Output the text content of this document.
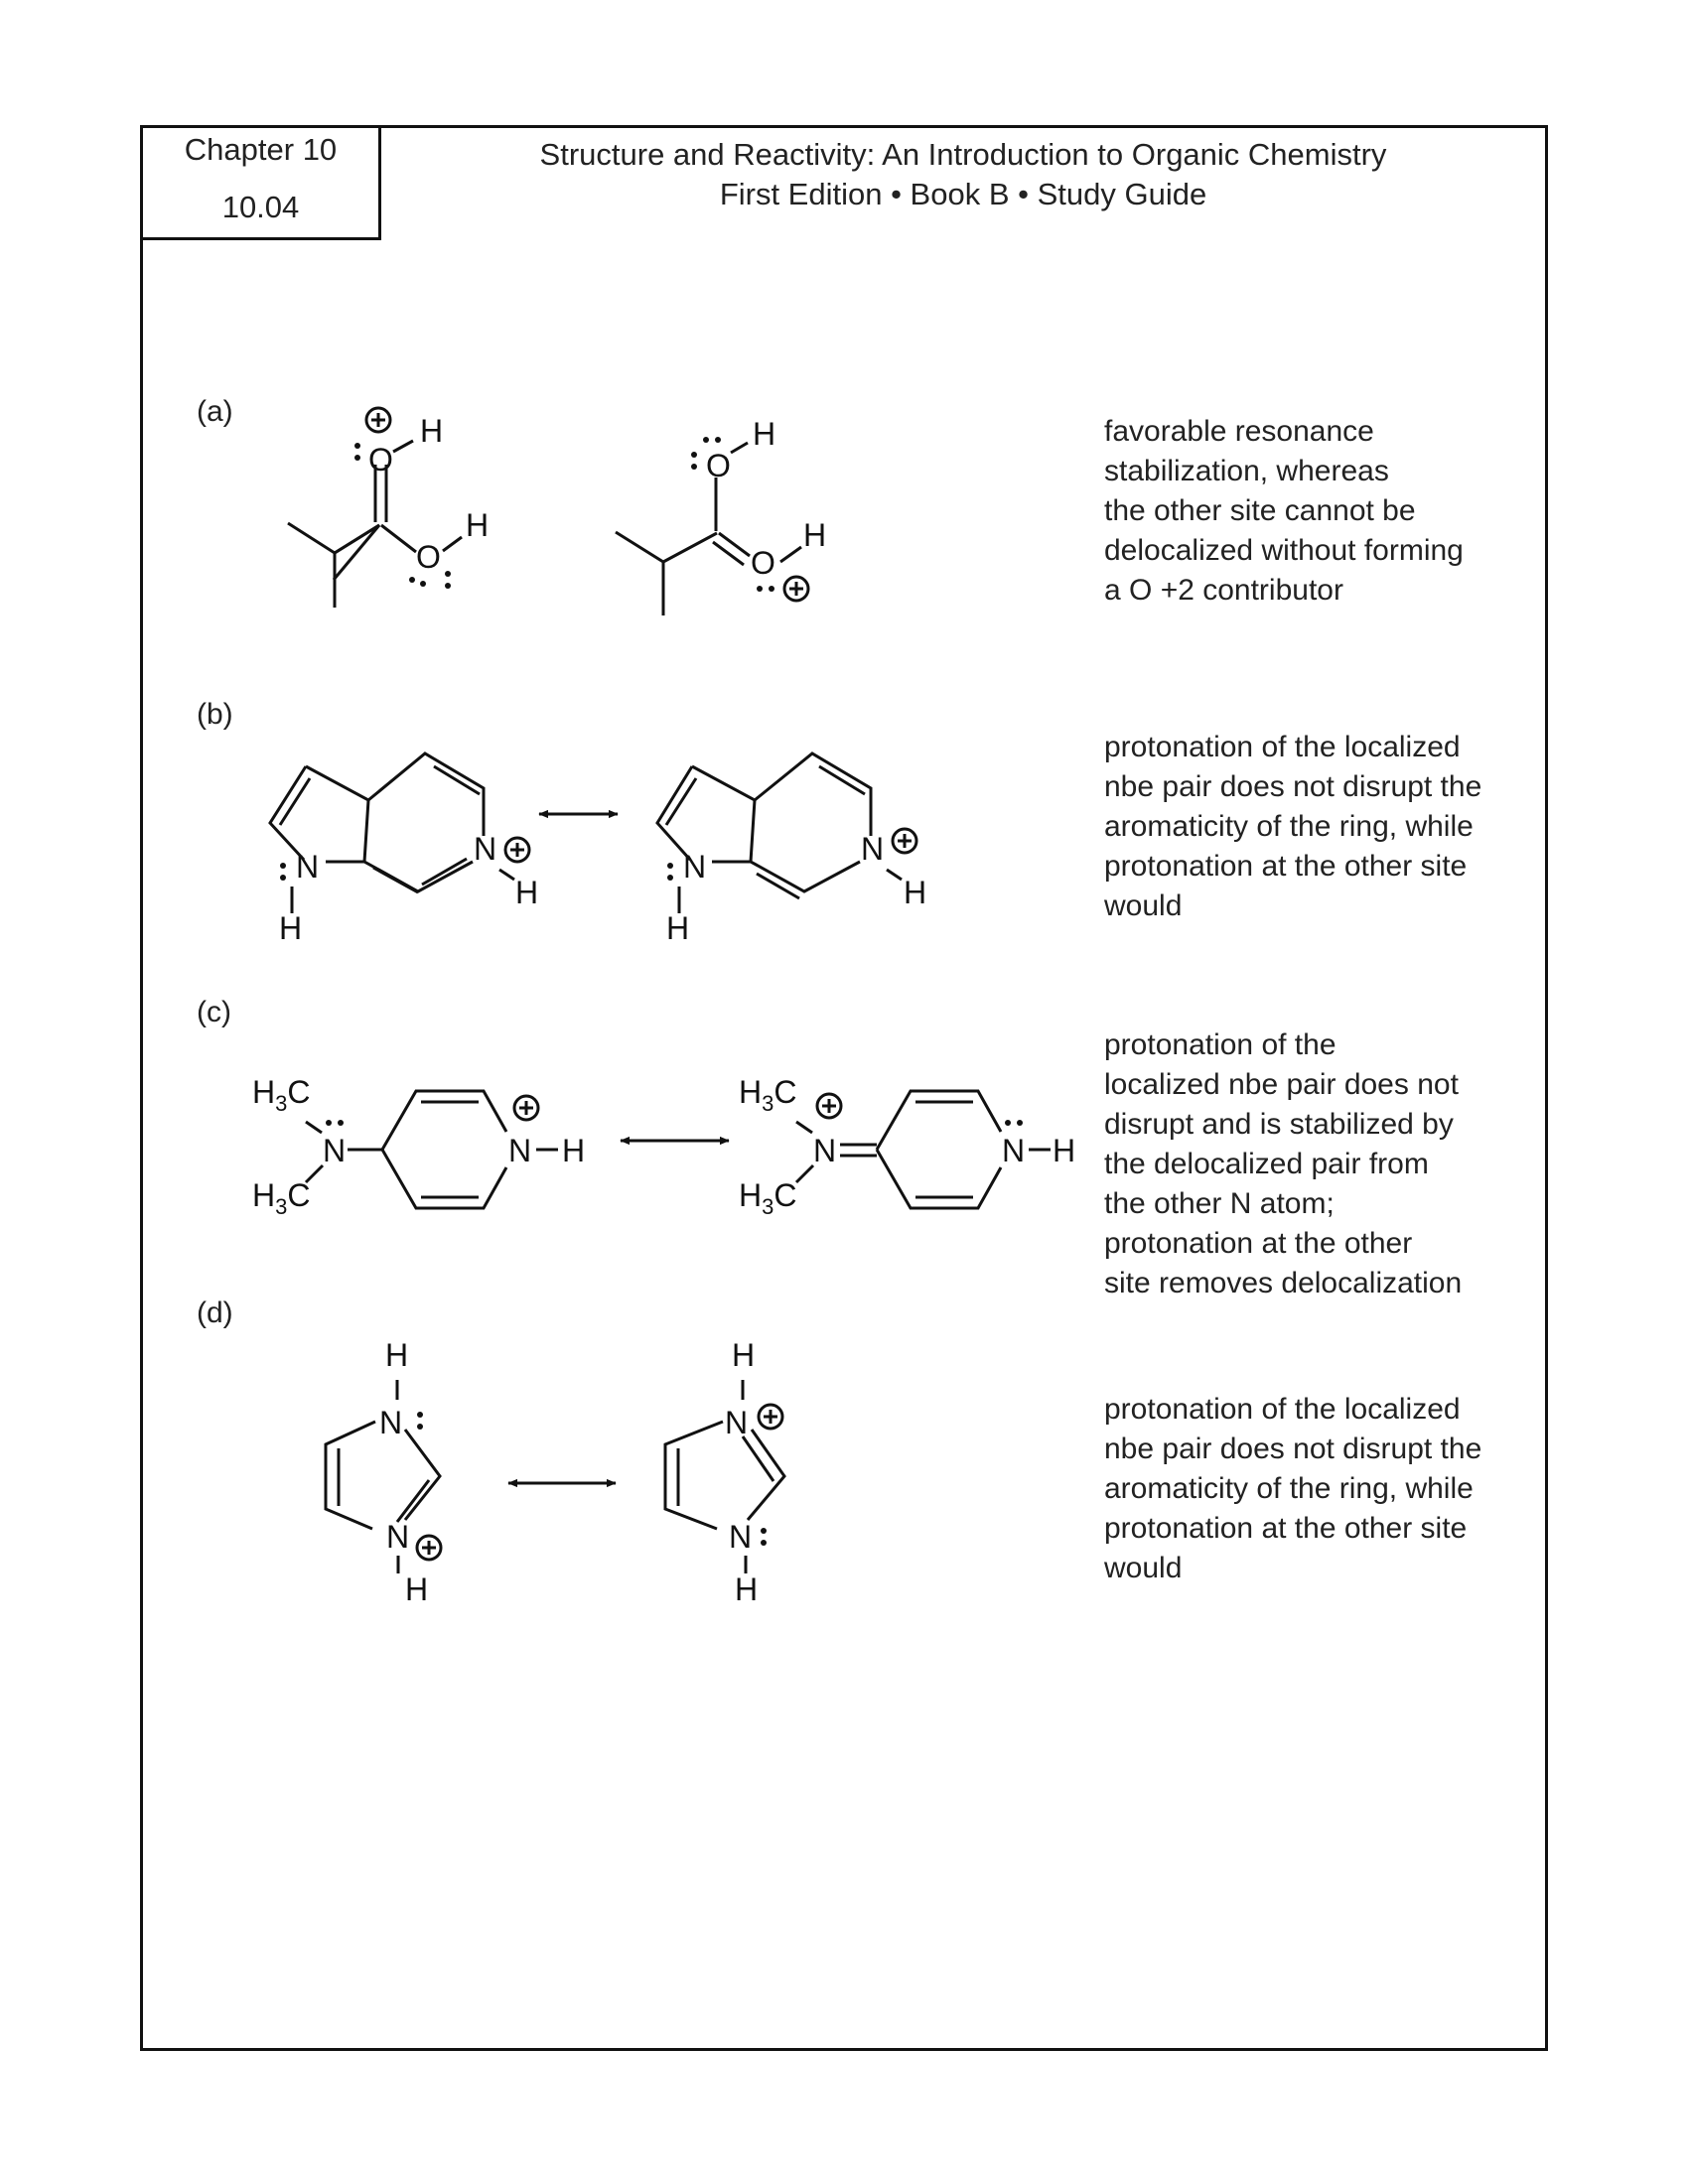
Chapter 10
10.04
Structure and Reactivity: An Introduction to Organic Chemistry
First Edition • Book B • Study Guide
(a)
(b)
(c)
(d)
favorable resonance
stabilization, whereas
the other site cannot be
delocalized without forming
a O +2 contributor
protonation of the localized
nbe pair does not disrupt the
aromaticity of the ring, while
protonation at the other site
would
protonation of the
localized nbe pair does not
disrupt and is stabilized by
the delocalized pair from
the other N atom;
protonation at the other
site removes delocalization
protonation of the localized
nbe pair does not disrupt the
aromaticity of the ring, while
protonation at the other site
would
O
H
O
H
O
H
O
H
N
H
N
H
N
H
N
H
$H_3C$
$H_3C$
N	N H
$H_3C$
$H_3C$
N	N H
H
N
N
H
H
N
N
H
